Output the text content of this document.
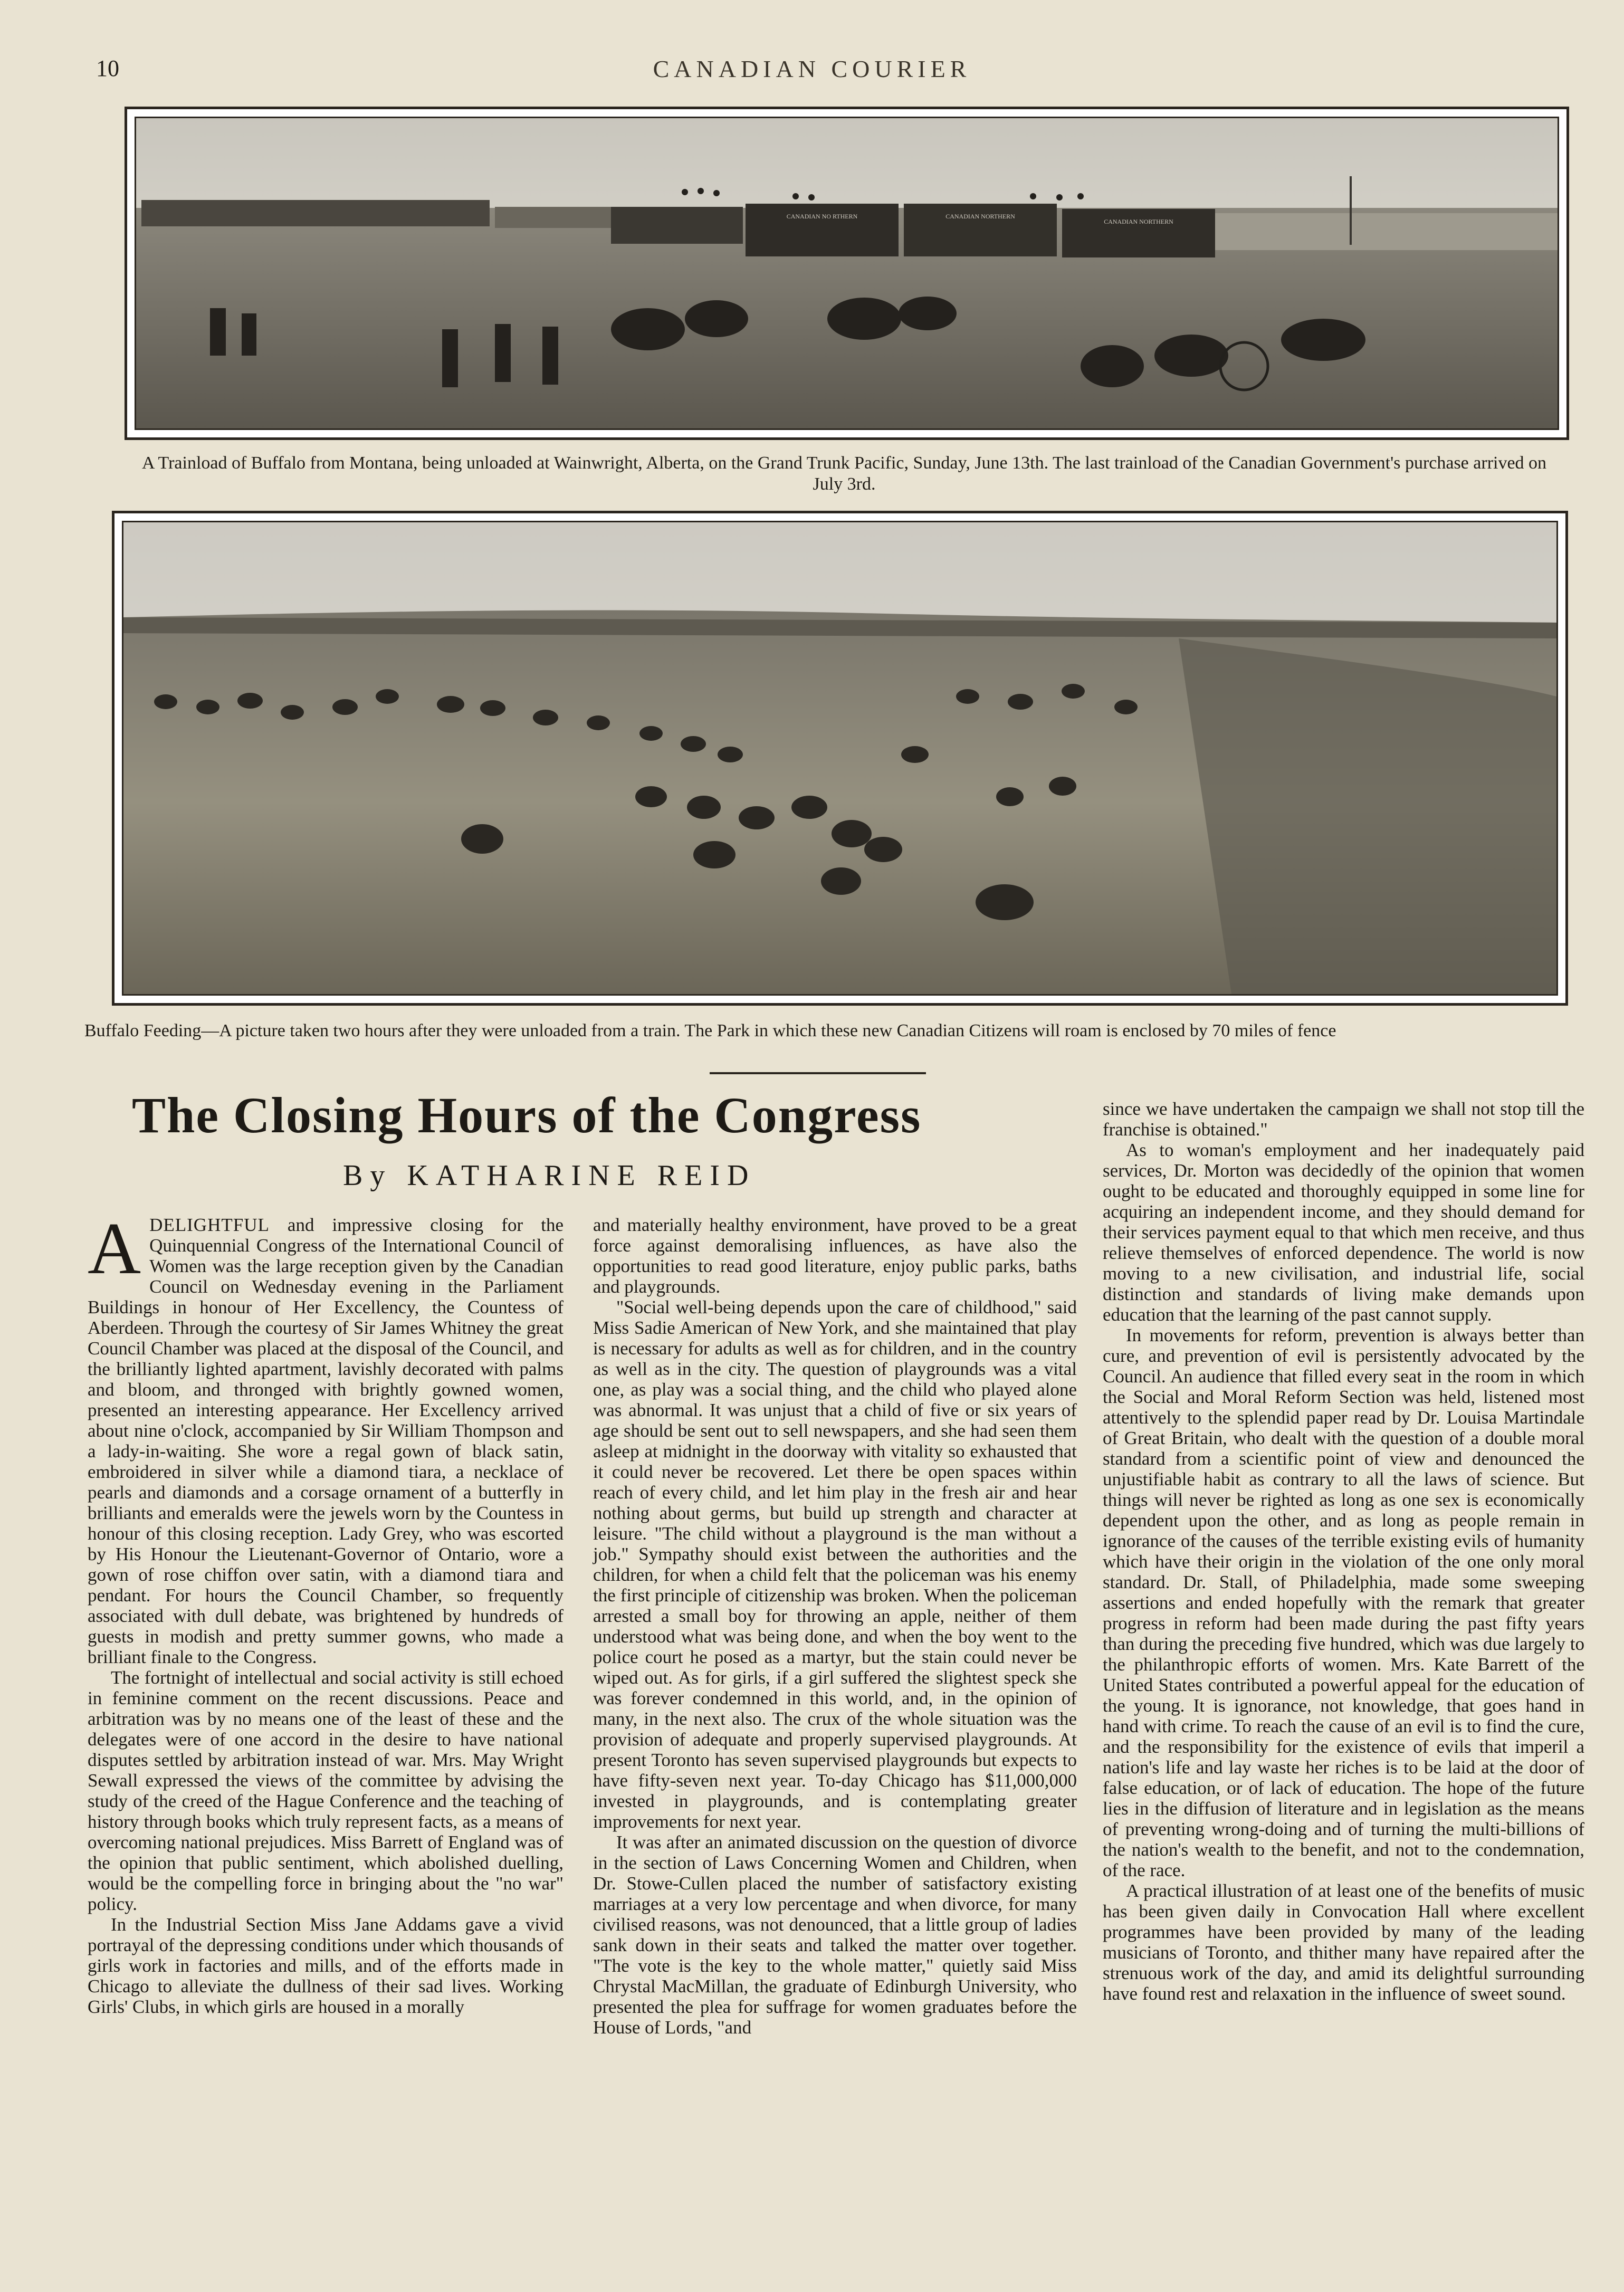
10	CANADIAN COURIER
CANADIAN NO RTHERN	CANADIAN NORTHERN
CANADIAN NORTHERN
A Trainload of Buffalo from Montana, being unloaded at Wainwright, Alberta, on the Grand Trunk Pacific, Sunday, June 13th. The last trainload of the Canadian Government's purchase arrived on July 3rd.
Buffalo Feeding—A picture taken two hours after they were unloaded from a train. The Park in which these new Canadian Citizens will roam is enclosed by 70 miles of fence
The Closing Hours of the Congress
By KATHARINE REID

ADELIGHTFUL and impressive closing for the Quinquennial Congress of the International Council of Women was the large reception given by the Canadian Council on Wednesday evening in the Parliament Buildings in honour of Her Excellency, the Countess of Aberdeen. Through the courtesy of Sir James Whitney the great Council Chamber was placed at the disposal of the Council, and the brilliantly lighted apartment, lavishly decorated with palms and bloom, and thronged with brightly gowned women, presented an interesting appearance. Her Excellency arrived about nine o'clock, accompanied by Sir William Thompson and a lady-in-waiting. She wore a regal gown of black satin, embroidered in silver while a diamond tiara, a necklace of pearls and diamonds and a corsage ornament of a butterfly in brilliants and emeralds were the jewels worn by the Countess in honour of this closing reception. Lady Grey, who was escorted by His Honour the Lieutenant-Governor of Ontario, wore a gown of rose chiffon over satin, with a diamond tiara and pendant. For hours the Council Chamber, so frequently associated with dull debate, was brightened by hundreds of guests in modish and pretty summer gowns, who made a brilliant finale to the Congress.

The fortnight of intellectual and social activity is still echoed in feminine comment on the recent discussions. Peace and arbitration was by no means one of the least of these and the delegates were of one accord in the desire to have national disputes settled by arbitration instead of war. Mrs. May Wright Sewall expressed the views of the committee by advising the study of the creed of the Hague Conference and the teaching of history through books which truly represent facts, as a means of overcoming national prejudices. Miss Barrett of England was of the opinion that public sentiment, which abolished duelling, would be the compelling force in bringing about the "no war" policy.

In the Industrial Section Miss Jane Addams gave a vivid portrayal of the depressing conditions under which thousands of girls work in factories and mills, and of the efforts made in Chicago to alleviate the dullness of their sad lives. Working Girls' Clubs, in which girls are housed in a morally

and materially healthy environment, have proved to be a great force against demoralising influences, as have also the opportunities to read good literature, enjoy public parks, baths and playgrounds.

"Social well-being depends upon the care of childhood," said Miss Sadie American of New York, and she maintained that play is necessary for adults as well as for children, and in the country as well as in the city. The question of playgrounds was a vital one, as play was a social thing, and the child who played alone was abnormal. It was unjust that a child of five or six years of age should be sent out to sell newspapers, and she had seen them asleep at midnight in the doorway with vitality so exhausted that it could never be recovered. Let there be open spaces within reach of every child, and let him play in the fresh air and hear nothing about germs, but build up strength and character at leisure. "The child without a playground is the man without a job." Sympathy should exist between the authorities and the children, for when a child felt that the policeman was his enemy the first principle of citizenship was broken. When the policeman arrested a small boy for throwing an apple, neither of them understood what was being done, and when the boy went to the police court he posed as a martyr, but the stain could never be wiped out. As for girls, if a girl suffered the slightest speck she was forever condemned in this world, and, in the opinion of many, in the next also. The crux of the whole situation was the provision of adequate and properly supervised playgrounds. At present Toronto has seven supervised playgrounds but expects to have fifty-seven next year. To-day Chicago has $11,000,000 invested in playgrounds, and is contemplating greater improvements for next year.

It was after an animated discussion on the question of divorce in the section of Laws Concerning Women and Children, when Dr. Stowe-Cullen placed the number of satisfactory existing marriages at a very low percentage and when divorce, for many civilised reasons, was not denounced, that a little group of ladies sank down in their seats and talked the matter over together. "The vote is the key to the whole matter," quietly said Miss Chrystal MacMillan, the graduate of Edinburgh University, who presented the plea for suffrage for women graduates before the House of Lords, "and

since we have undertaken the campaign we shall not stop till the franchise is obtained."

As to woman's employment and her inadequately paid services, Dr. Morton was decidedly of the opinion that women ought to be educated and thoroughly equipped in some line for acquiring an independent income, and they should demand for their services payment equal to that which men receive, and thus relieve themselves of enforced dependence. The world is now moving to a new civilisation, and industrial life, social distinction and standards of living make demands upon education that the learning of the past cannot supply.

In movements for reform, prevention is always better than cure, and prevention of evil is persistently advocated by the Council. An audience that filled every seat in the room in which the Social and Moral Reform Section was held, listened most attentively to the splendid paper read by Dr. Louisa Martindale of Great Britain, who dealt with the question of a double moral standard from a scientific point of view and denounced the unjustifiable habit as contrary to all the laws of science. But things will never be righted as long as one sex is economically dependent upon the other, and as long as people remain in ignorance of the causes of the terrible existing evils of humanity which have their origin in the violation of the one only moral standard. Dr. Stall, of Philadelphia, made some sweeping assertions and ended hopefully with the remark that greater progress in reform had been made during the past fifty years than during the preceding five hundred, which was due largely to the philanthropic efforts of women. Mrs. Kate Barrett of the United States contributed a powerful appeal for the education of the young. It is ignorance, not knowledge, that goes hand in hand with crime. To reach the cause of an evil is to find the cure, and the responsibility for the existence of evils that imperil a nation's life and lay waste her riches is to be laid at the door of false education, or of lack of education. The hope of the future lies in the diffusion of literature and in legislation as the means of preventing wrong-doing and of turning the multi-billions of the nation's wealth to the benefit, and not to the condemnation, of the race.

A practical illustration of at least one of the benefits of music has been given daily in Convocation Hall where excellent programmes have been provided by many of the leading musicians of Toronto, and thither many have repaired after the strenuous work of the day, and amid its delightful surrounding have found rest and relaxation in the influence of sweet sound.
